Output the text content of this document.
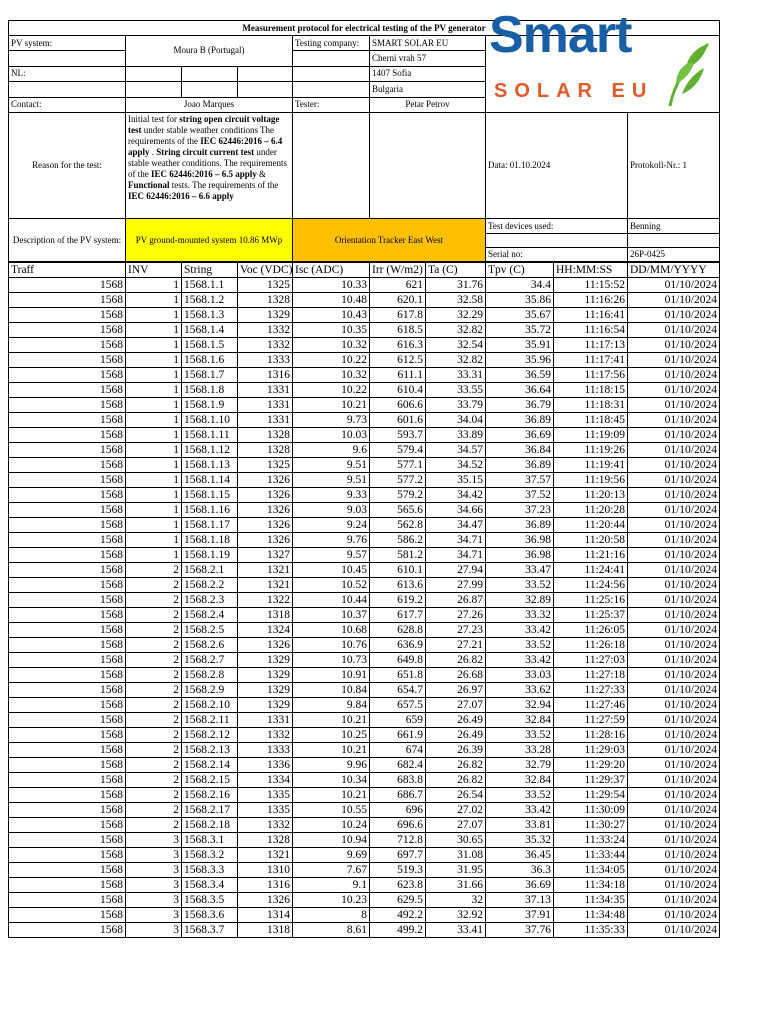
Measurement protocol for electrical testing of the PV generator							
PV system:	Moura B (Portugal)			Testing company:	SMART SOLAR EU	Smart
SOLAR EU	

					Cherni vrah 57		
NL:					1407 Sofia		
					Bulgaria		
Contact:	Joao Marques			Tester:	Petar Petrov		
Reason for the test:	Initial test for string open circuit voltage test under stable weather conditions The requirements of the IEC 62446:2016 – 6.4 apply . String circuit current test under stable weather conditions. The requirements of the IEC 62446:2016 – 6.5 apply & Functional tests. The requirements of the IEC 62446:2016 – 6.6 apply					Data: 01.10.2024	Protokoll-Nr.: 1
Description of the PV system:	PV ground-mounted system 10.86 MWp			Orientation Tracker East West		Test devices used:	Benning

						Serial no:	26P-0425
Traff	INV	String	Voc (VDC)	Isc (ADC)	Irr (W/m2)	Ta (C)	Tpv (C)	HH:MM:SS	DD/MM/YYYY
1568	1	1568.1.1	1325	10.33	621	31.76	34.4	11:15:52	01/10/2024
1568	1	1568.1.2	1328	10.48	620.1	32.58	35.86	11:16:26	01/10/2024
1568	1	1568.1.3	1329	10.43	617.8	32.29	35.67	11:16:41	01/10/2024
1568	1	1568.1.4	1332	10.35	618.5	32.82	35.72	11:16:54	01/10/2024
1568	1	1568.1.5	1332	10.32	616.3	32.54	35.91	11:17:13	01/10/2024
1568	1	1568.1.6	1333	10.22	612.5	32.82	35.96	11:17:41	01/10/2024
1568	1	1568.1.7	1316	10.32	611.1	33.31	36.59	11:17:56	01/10/2024
1568	1	1568.1.8	1331	10.22	610.4	33.55	36.64	11:18:15	01/10/2024
1568	1	1568.1.9	1331	10.21	606.6	33.79	36.79	11:18:31	01/10/2024
1568	1	1568.1.10	1331	9.73	601.6	34.04	36.89	11:18:45	01/10/2024
1568	1	1568.1.11	1328	10.03	593.7	33.89	36.69	11:19:09	01/10/2024
1568	1	1568.1.12	1328	9.6	579.4	34.57	36.84	11:19:26	01/10/2024
1568	1	1568.1.13	1325	9.51	577.1	34.52	36.89	11:19:41	01/10/2024
1568	1	1568.1.14	1326	9.51	577.2	35.15	37.57	11:19:56	01/10/2024
1568	1	1568.1.15	1326	9.33	579.2	34.42	37.52	11:20:13	01/10/2024
1568	1	1568.1.16	1326	9.03	565.6	34.66	37.23	11:20:28	01/10/2024
1568	1	1568.1.17	1326	9.24	562.8	34.47	36.89	11:20:44	01/10/2024
1568	1	1568.1.18	1326	9.76	586.2	34.71	36.98	11:20:58	01/10/2024
1568	1	1568.1.19	1327	9.57	581.2	34.71	36.98	11:21:16	01/10/2024
1568	2	1568.2.1	1321	10.45	610.1	27.94	33.47	11:24:41	01/10/2024
1568	2	1568.2.2	1321	10.52	613.6	27.99	33.52	11:24:56	01/10/2024
1568	2	1568.2.3	1322	10.44	619.2	26.87	32.89	11:25:16	01/10/2024
1568	2	1568.2.4	1318	10.37	617.7	27.26	33.32	11:25:37	01/10/2024
1568	2	1568.2.5	1324	10.68	628.8	27.23	33.42	11:26:05	01/10/2024
1568	2	1568.2.6	1326	10.76	636.9	27.21	33.52	11:26:18	01/10/2024
1568	2	1568.2.7	1329	10.73	649.8	26.82	33.42	11:27:03	01/10/2024
1568	2	1568.2.8	1329	10.91	651.8	26.68	33.03	11:27:18	01/10/2024
1568	2	1568.2.9	1329	10.84	654.7	26.97	33.62	11:27:33	01/10/2024
1568	2	1568.2.10	1329	9.84	657.5	27.07	32.94	11:27:46	01/10/2024
1568	2	1568.2.11	1331	10.21	659	26.49	32.84	11:27:59	01/10/2024
1568	2	1568.2.12	1332	10.25	661.9	26.49	33.52	11:28:16	01/10/2024
1568	2	1568.2.13	1333	10.21	674	26.39	33.28	11:29:03	01/10/2024
1568	2	1568.2.14	1336	9.96	682.4	26.82	32.79	11:29:20	01/10/2024
1568	2	1568.2.15	1334	10.34	683.8	26.82	32.84	11:29:37	01/10/2024
1568	2	1568.2.16	1335	10.21	686.7	26.54	33.52	11:29:54	01/10/2024
1568	2	1568.2.17	1335	10.55	696	27.02	33.42	11:30:09	01/10/2024
1568	2	1568.2.18	1332	10.24	696.6	27.07	33.81	11:30:27	01/10/2024
1568	3	1568.3.1	1328	10.94	712.8	30.65	35.32	11:33:24	01/10/2024
1568	3	1568.3.2	1321	9.69	697.7	31.08	36.45	11:33:44	01/10/2024
1568	3	1568.3.3	1310	7.67	519.3	31.95	36.3	11:34:05	01/10/2024
1568	3	1568.3.4	1316	9.1	623.8	31.66	36.69	11:34:18	01/10/2024
1568	3	1568.3.5	1326	10.23	629.5	32	37.13	11:34:35	01/10/2024
1568	3	1568.3.6	1314	8	492.2	32.92	37.91	11:34:48	01/10/2024
1568	3	1568.3.7	1318	8.61	499.2	33.41	37.76	11:35:33	01/10/2024
